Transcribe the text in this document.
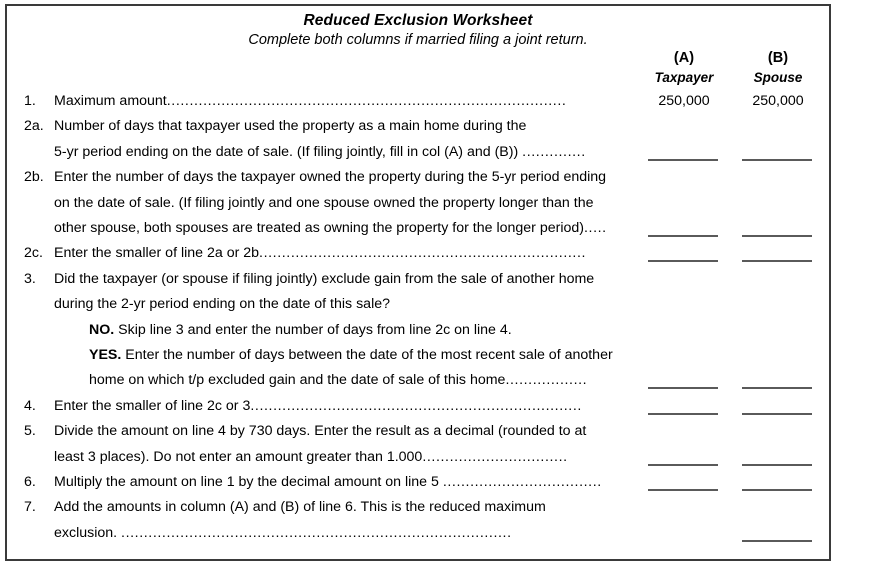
Reduced Exclusion Worksheet
Complete both columns if married filing a joint return.
(A)
Taxpayer
(B)
Spouse
1.	Maximum amount........................................................................................	250,000	250,000
2a. Number of days that taxpayer used the property as a main home during the
5-yr period ending on the date of sale. (If filing jointly, fill in col (A) and (B)) ..............
2b. Enter the number of days the taxpayer owned the property during the 5-yr period ending
on the date of sale. (If filing jointly and one spouse owned the property longer than the
other spouse, both spouses are treated as owning the property for the longer period).....
2c. Enter the smaller of line 2a or 2b........................................................................
3.	Did the taxpayer (or spouse if filing jointly) exclude gain from the sale of another home
during the 2-yr period ending on the date of this sale?
NO. Skip line 3 and enter the number of days from line 2c on line 4.
YES. Enter the number of days between the date of the most recent sale of another
home on which t/p excluded gain and the date of sale of this home..................
4.	Enter the smaller of line 2c or 3.........................................................................
5.	Divide the amount on line 4 by 730 days. Enter the result as a decimal (rounded to at
least 3 places). Do not enter an amount greater than 1.000................................
6.	Multiply the amount on line 1 by the decimal amount on line 5 ...................................
7.	Add the amounts in column (A) and (B) of line 6. This is the reduced maximum
exclusion. ......................................................................................
